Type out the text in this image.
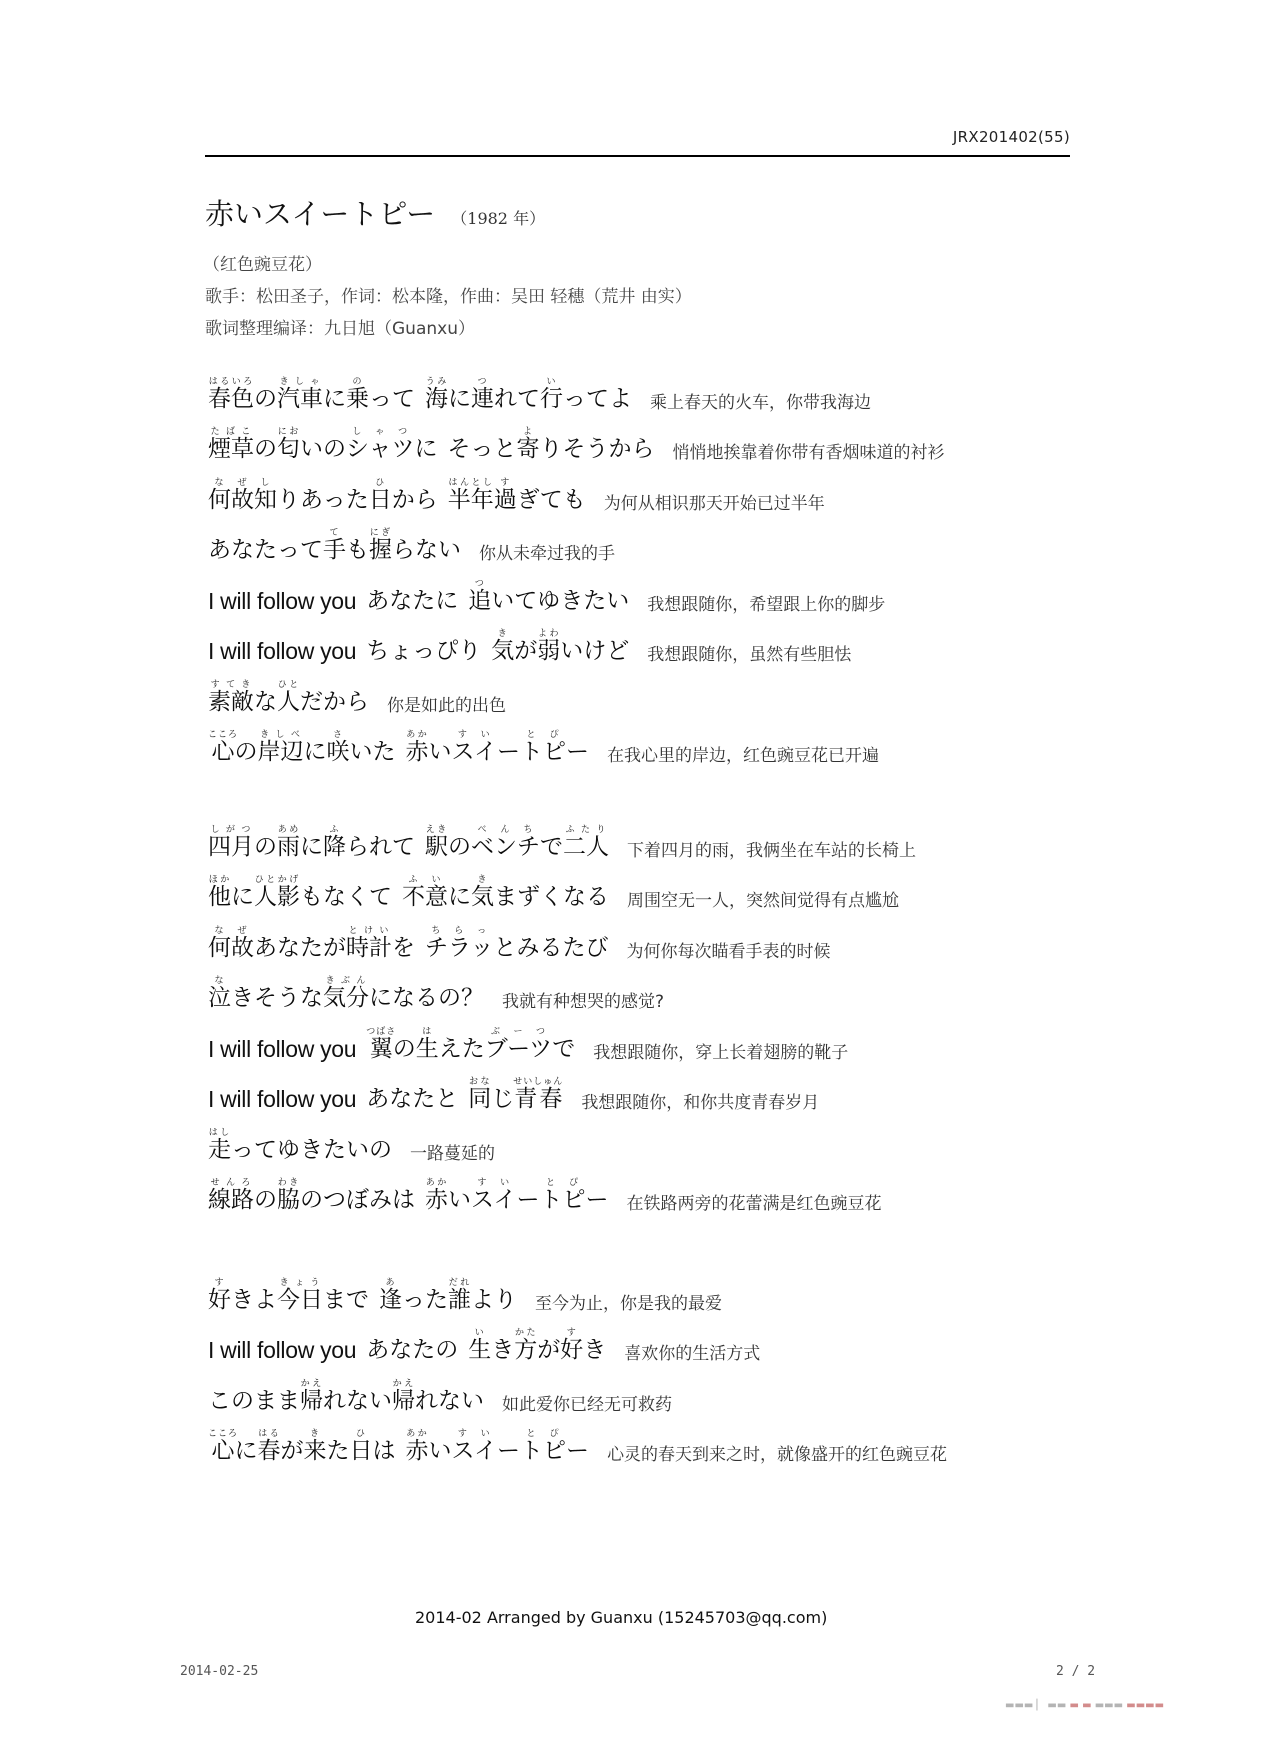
JRX201402(55)
赤いスイートピー （1982 年）
（红色豌豆花）
歌手：松田圣子，作词：松本隆，作曲：吴田 轻穗（荒井 由实）
歌词整理编译：九日旭（Guanxu）
春色はるいろの汽車きしゃに乗のって 海うみに連つれて行いってよ 乘上春天的火车，你带我海边
煙草たばこの匂においのシャツしゃつに そっと寄よりそうから 悄悄地挨靠着你带有香烟味道的衬衫
何故なぜ知しりあった日ひから 半年はんとし過すぎても 为何从相识那天开始已过半年
あなたって手ても握にぎらない 你从未牵过我的手
I will follow you あなたに 追ついてゆきたい 我想跟随你，希望跟上你的脚步
I will follow you ちょっぴり 気きが弱よわいけど 我想跟随你，虽然有些胆怯
素敵すてきな人ひとだから 你是如此的出色
心こころの岸辺きしべに咲さいた 赤あかいスイすいートピとぴー 在我心里的岸边，红色豌豆花已开遍
四月しがつの雨あめに降ふられて 駅えきのベンチべんちで二人ふたり
下着四月的雨，我俩坐在车站的长椅上
他ほかに人影ひとかげもなくて 不意ふいに気きまずくなる 周围空无一人，突然间觉得有点尴尬
何故なぜあなたが時計とけいを チラッちらっとみるたび 为何你每次瞄看手表的时候
泣なきそうな気分きぶんになるの？ 我就有种想哭的感觉?
I will follow you 翼つばさの生はえたブーツぶーつで 我想跟随你，穿上长着翅膀的靴子
I will follow you あなたと 同おなじ青春せいしゅん
我想跟随你，和你共度青春岁月
走はしってゆきたいの 一路蔓延的
線路せんろの脇わきのつぼみは 赤あかいスイすいートピとぴー 在铁路两旁的花蕾满是红色豌豆花
好すきよ今日きょうまで 逢あった誰だれより 至今为止，你是我的最爱
I will follow you あなたの 生いき方かたが好すき 喜欢你的生活方式
このまま帰かえれない帰かえれない 如此爱你已经无可救药
心こころに春はるが来きた日ひは 赤あかいスイすいートピとぴー 心灵的春天到来之时，就像盛开的红色豌豆花
2014-02 Arranged by Guanxu (15245703@qq.com)
2014-02-25	2 / 2
▬▬▬ ▏ ▬▬ ▬ ▬ ▬▬▬ ▬▬▬▬
